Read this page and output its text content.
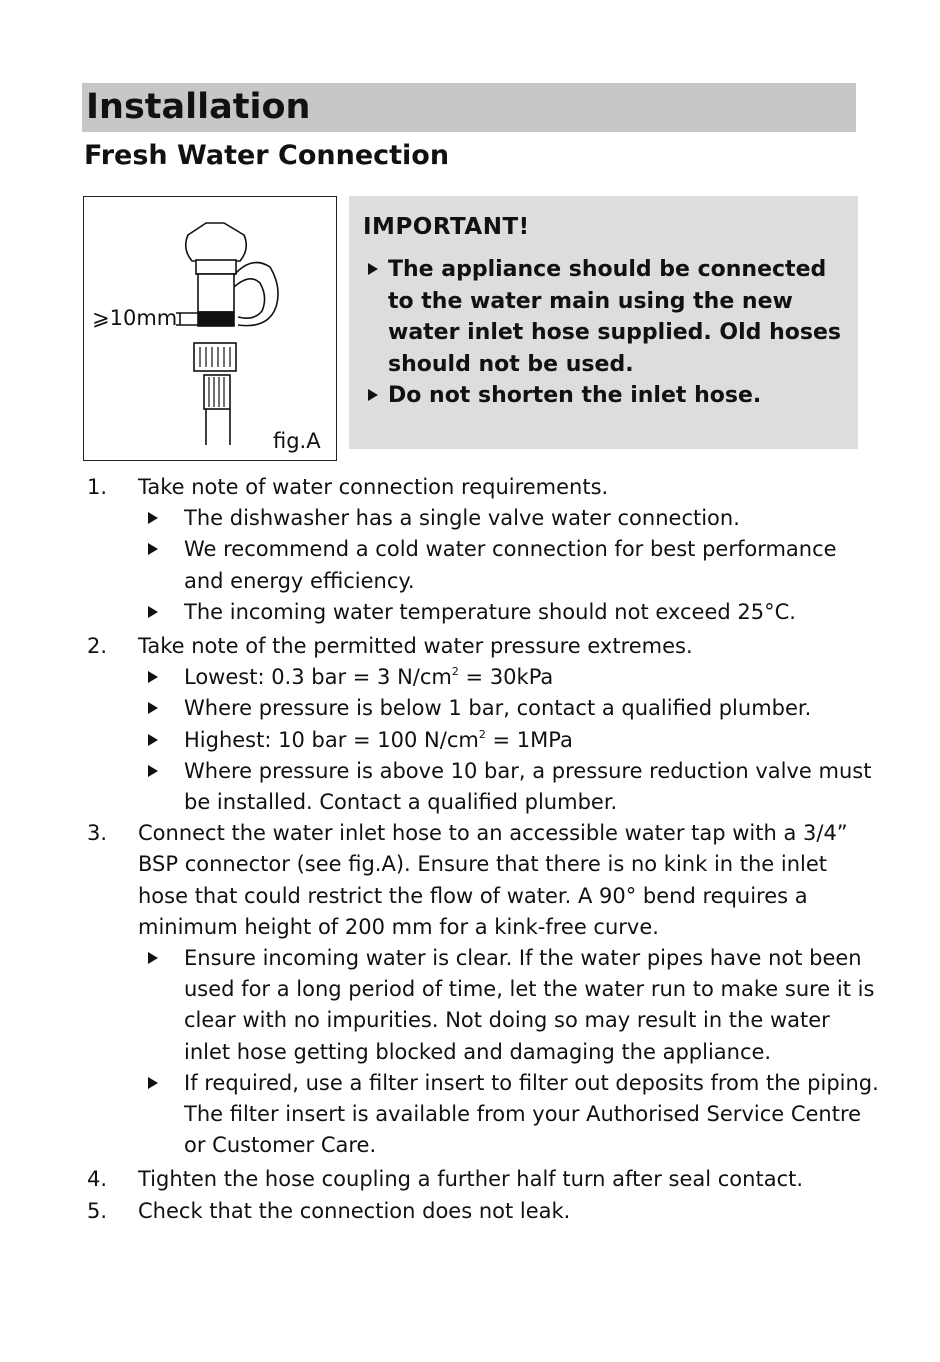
Installation
Fresh Water Connection
⩾10mm
fig.A
IMPORTANT!
The appliance should be connected to the water main using the new water inlet hose supplied. Old hoses should not be used.
Do not shorten the inlet hose.
1. Take note of water connection requirements.
The dishwasher has a single valve water connection.
We recommend a cold water connection for best performance and energy efficiency.
The incoming water temperature should not exceed 25°C.
2. Take note of the permitted water pressure extremes.
Lowest: 0.3 bar = 3 $N/cm^2 = 30kPa$
Where pressure is below 1 bar, contact a qualified plumber.
Highest: 10 bar = 100 $N/cm^2 = 1MPa$
Where pressure is above 10 bar, a pressure reduction valve must be installed. Contact a qualified plumber.
3. Connect the water inlet hose to an accessible water tap with a 3/4” BSP connector (see fig.A). Ensure that there is no kink in the inlet hose that could restrict the flow of water. A 90° bend requires a minimum height of 200 mm for a kink-free curve.
Ensure incoming water is clear. If the water pipes have not been used for a long period of time, let the water run to make sure it is clear with no impurities. Not doing so may result in the water inlet hose getting blocked and damaging the appliance.
If required, use a filter insert to filter out deposits from the piping. The filter insert is available from your Authorised Service Centre or Customer Care.
4. Tighten the hose coupling a further half turn after seal contact.
5. Check that the connection does not leak.
